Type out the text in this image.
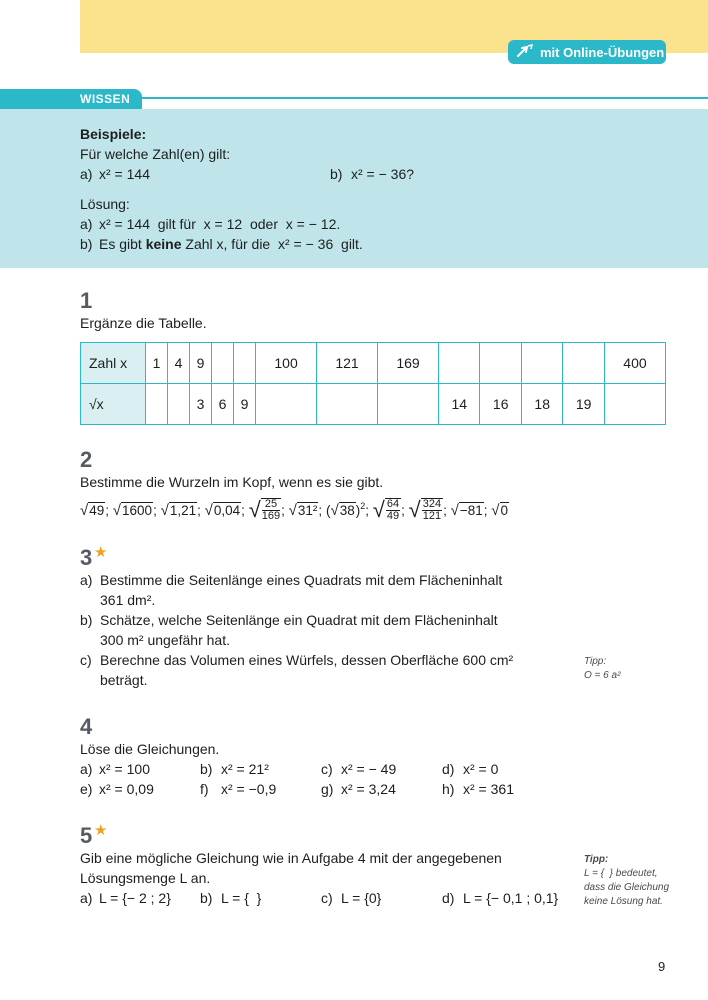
mit Online-Übungen
WISSEN
Beispiele:
Für welche Zahl(en) gilt:
a) x² = 144	b) x² = − 36?
Lösung:
a) x² = 144  gilt für  x = 12  oder  x = − 12.
b) Es gibt keine Zahl x, für die  x² = − 36  gilt.
1
Ergänze die Tabelle.
Zahl x	1	4	9			100	121	169					400
√x			3	6	9				14	16	18	19	
2
Bestimme die Wurzeln im Kopf, wenn es sie gibt.
√ 49 ;
√ 1600 ;
√ 1,21 ;
√ 0,04 ;
√ $\frac{25}{169}$ ;
√ 31² ;
( √ 38 )$^2$ ;
√ $\frac{64}{49}$ ;
√ $\frac{324}{121}$ ;
√ −81 ;
√ 0
3 ★
a) Bestimme die Seitenlänge eines Quadrats mit dem Flächeninhalt
361 dm².
b) Schätze, welche Seitenlänge ein Quadrat mit dem Flächeninhalt
300 m² ungefähr hat.
c) Berechne das Volumen eines Würfels, dessen Oberfläche 600 cm²
beträgt.
Tipp:
O = 6 a²
4
Löse die Gleichungen.
a) x² = 100	b) x² = 21²	c) x² = − 49	d) x² = 0
e) x² = 0,09	f) x² = −0,9	g) x² = 3,24	h) x² = 361
5 ★
Gib eine mögliche Gleichung wie in Aufgabe 4 mit der angegebenen
Lösungsmenge L an.
a) L = {− 2 ; 2} b) L = {  }	c) L = {0}	d) L = {− 0,1 ; 0,1}
Tipp:
L = {  } bedeutet,
dass die Gleichung
keine Lösung hat.
9
